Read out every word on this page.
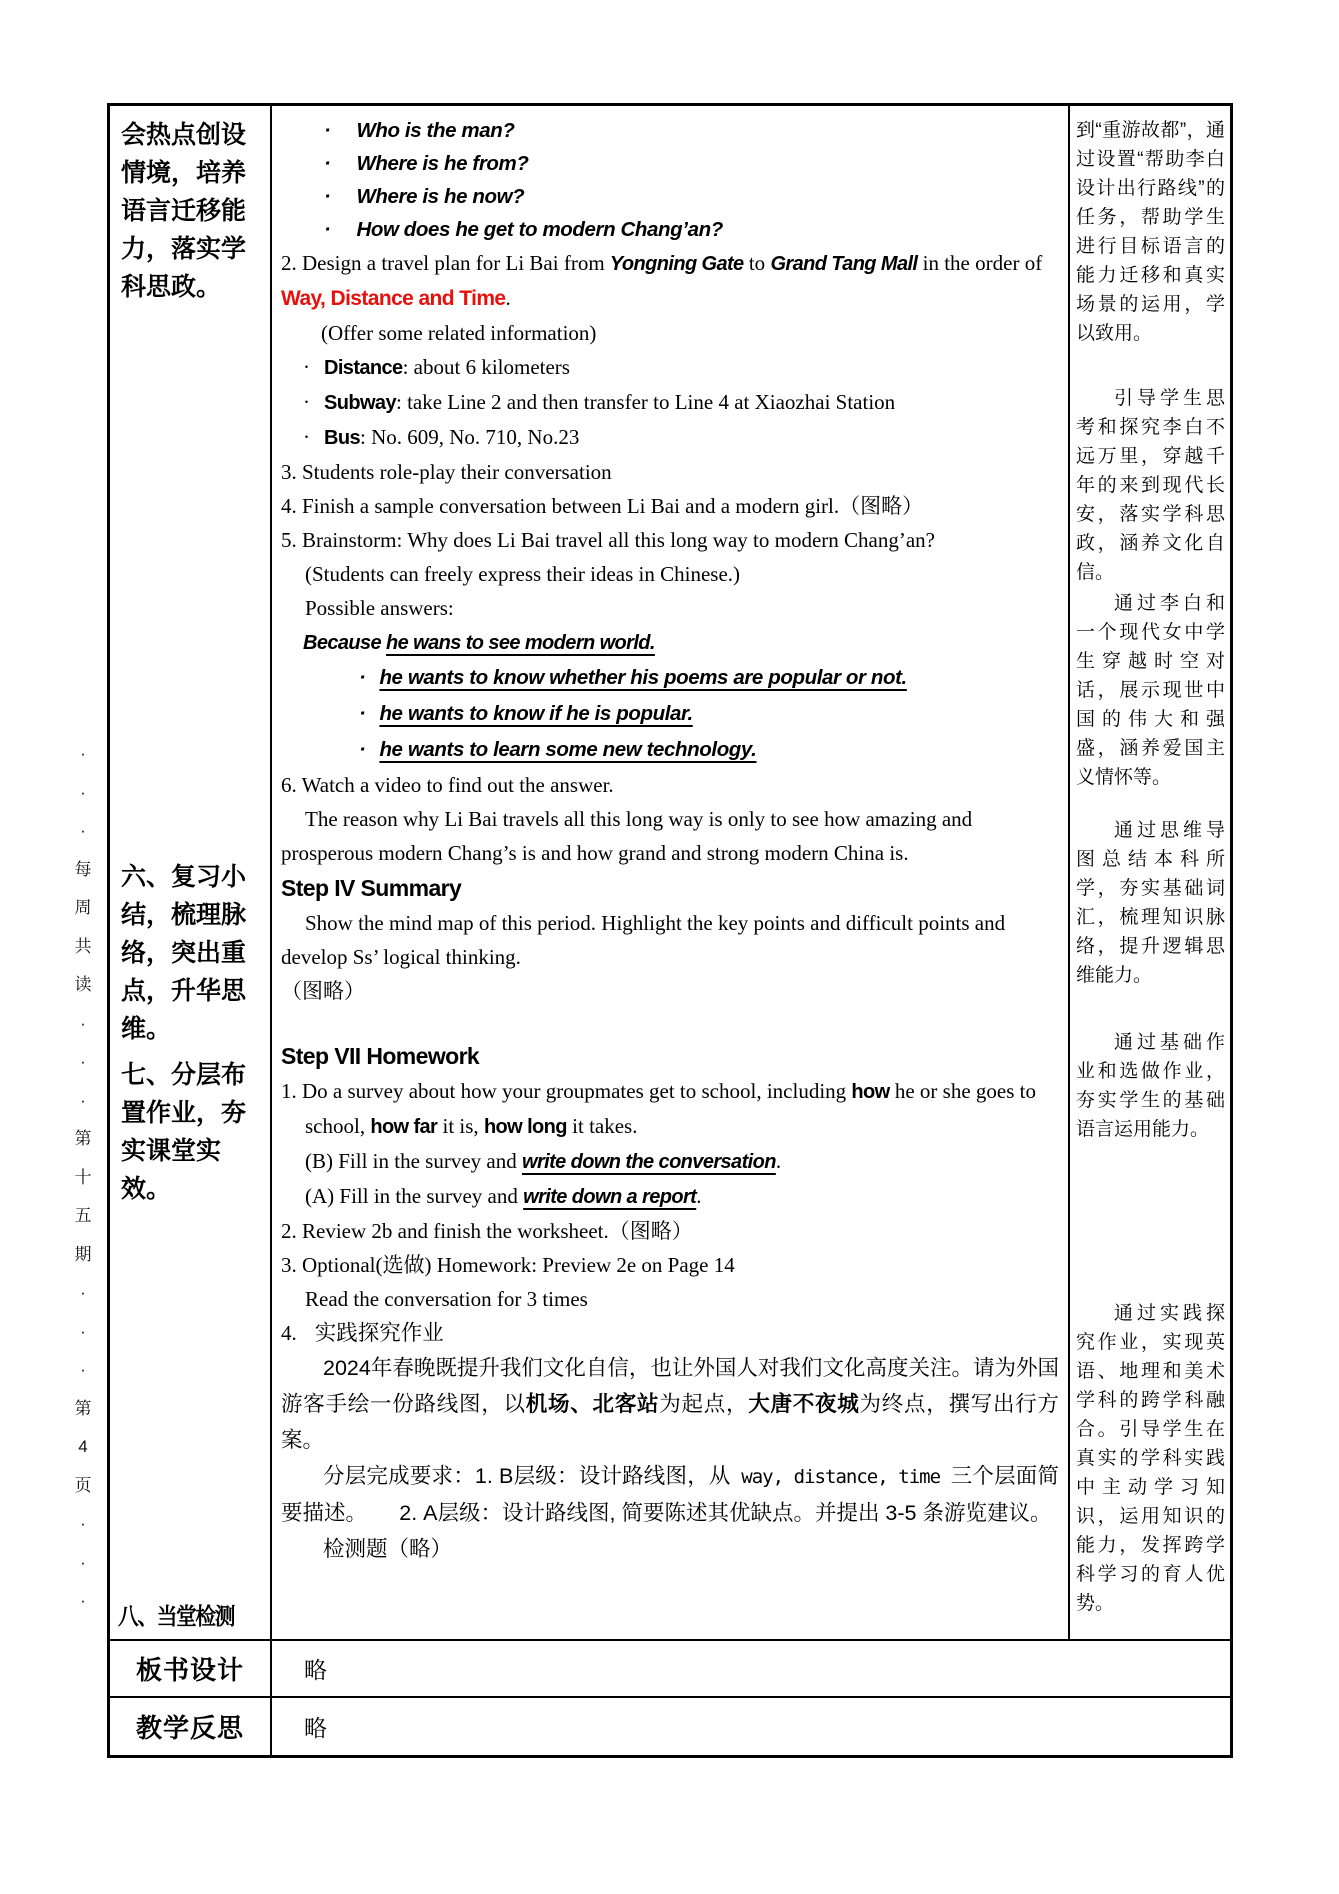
·
·
·
每
周
共
读
·
·
·
第
十
五
期
·
·
·
第
4
页
·
·
·
会热点创设情境，培养语言迁移能力，落实学科思政。
六、复习小结，梳理脉络，突出重点，升华思维。
七、分层布置作业，夯实课堂实效。
八、当堂检测
· Who is the man?
· Where is he from?
· Where is he now?
· How does he get to modern Chang’an?
2. Design a travel plan for Li Bai from Yongning Gate to Grand Tang Mall in the order of Way, Distance and Time.
(Offer some related information)
· Distance: about 6 kilometers
· Subway: take Line 2 and then transfer to Line 4 at Xiaozhai Station
· Bus: No. 609, No. 710, No.23
3. Students role-play their conversation
4. Finish a sample conversation between Li Bai and a modern girl.（图略）
5. Brainstorm: Why does Li Bai travel all this long way to modern Chang’an?
(Students can freely express their ideas in Chinese.)
Possible answers:
Because he wans to see modern world.
· he wants to know whether his poems are popular or not.
· he wants to know if he is popular.
· he wants to learn some new technology.
6. Watch a video to find out the answer.

The reason why Li Bai travels all this long way is only to see how amazing and prosperous modern Chang’s is and how grand and strong modern China is.

Step IV Summary

Show the mind map of this period. Highlight the key points and difficult points and develop Ss’ logical thinking.

（图略）
Step VII Homework
1. Do a survey about how your groupmates get to school, including how he or she goes to school, how far it is, how long it takes.
(B) Fill in the survey and write down the conversation.
(A) Fill in the survey and write down a report.
2. Review 2b and finish the worksheet.（图略）
3. Optional(选做) Homework: Preview 2e on Page 14
Read the conversation for 3 times
4. 实践探究作业

2024年春晚既提升我们文化自信，也让外国人对我们文化高度关注。请为外国游客手绘一份路线图，以机场、北客站为起点，大唐不夜城为终点，撰写出行方案。

分层完成要求：1. B层级：设计路线图，从 way, distance, time 三个层面简要描述。　　2. A层级：设计路线图, 简要陈述其优缺点。并提出 3-5 条游览建议。

检测题（略）

到“重游故都”，通过设置“帮助李白设计出行路线”的任务，帮助学生进行目标语言的能力迁移和真实场景的运用，学以致用。

引导学生思考和探究李白不远万里，穿越千年的来到现代长安，落实学科思政，涵养文化自信。

通过李白和一个现代女中学生穿越时空对话，展示现世中国的伟大和强盛，涵养爱国主义情怀等。

通过思维导图总结本科所学，夯实基础词汇，梳理知识脉络，提升逻辑思维能力。

通过基础作业和选做作业，夯实学生的基础语言运用能力。

通过实践探究作业，实现英语、地理和美术学科的跨学科融合。引导学生在真实的学科实践中主动学习知识，运用知识的能力，发挥跨学科学习的育人优势。

板书设计	略
教学反思	略
